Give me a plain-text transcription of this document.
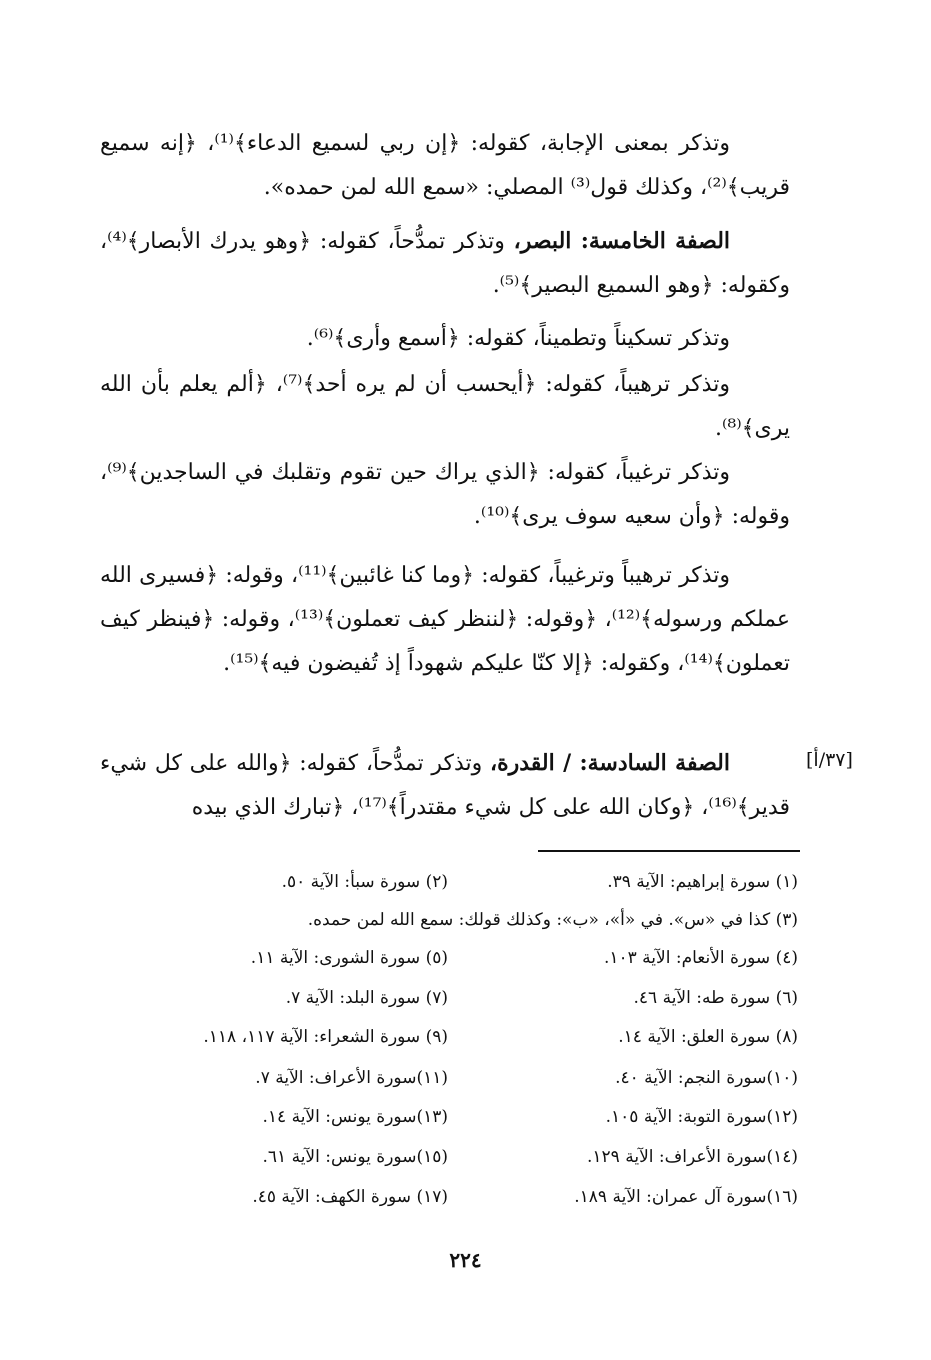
وتذكر بمعنى الإجابة، كقوله: ﴿إن ربي لسميع الدعاء﴾⁽¹⁾، ﴿إنه سميع قريب﴾⁽²⁾، وكذلك قول⁽³⁾ المصلي: «سمع الله لمن حمده».

الصفة الخامسة: البصر، وتذكر تمدُّحاً، كقوله: ﴿وهو يدرك الأبصار﴾⁽⁴⁾، وكقوله: ﴿وهو السميع البصير﴾⁽⁵⁾.

وتذكر تسكيناً وتطميناً، كقوله: ﴿أسمع وأرى﴾⁽⁶⁾.

وتذكر ترهيباً، كقوله: ﴿أيحسب أن لم يره أحد﴾⁽⁷⁾، ﴿ألم يعلم بأن الله يرى﴾⁽⁸⁾.

وتذكر ترغيباً، كقوله: ﴿الذي يراك حين تقوم وتقلبك في الساجدين﴾⁽⁹⁾، وقوله: ﴿وأن سعيه سوف يرى﴾⁽¹⁰⁾.

وتذكر ترهيباً وترغيباً، كقوله: ﴿وما كنا غائبين﴾⁽¹¹⁾، وقوله: ﴿فسيرى الله عملكم ورسوله﴾⁽¹²⁾، ﴿وقوله: ﴿لننظر كيف تعملون﴾⁽¹³⁾، وقوله: ﴿فينظر كيف تعملون﴾⁽¹⁴⁾، وكقوله: ﴿إلا كنّا عليكم شهوداً إذ تُفيضون فيه﴾⁽¹⁵⁾.

[٣٧/أ]

الصفة السادسة: / القدرة، وتذكر تمدُّحاً، كقوله: ﴿والله على كل شيء قدير﴾⁽¹⁶⁾، ﴿وكان الله على كل شيء مقتدراً﴾⁽¹⁷⁾، ﴿تبارك الذي بيده

(١) سورة إبراهيم: الآية ٣٩.
(٢) سورة سبأ: الآية ٥٠.
(٣) كذا في «س». في «أ»، «ب»: وكذلك قولك: سمع الله لمن حمده.
(٤) سورة الأنعام: الآية ١٠٣.
(٥) سورة الشورى: الآية ١١.
(٦) سورة طه: الآية ٤٦.
(٧) سورة البلد: الآية ٧.
(٨) سورة العلق: الآية ١٤.
(٩) سورة الشعراء: الآية ١١٧، ١١٨.
(١٠)سورة النجم: الآية ٤٠.
(١١)سورة الأعراف: الآية ٧.
(١٢)سورة التوبة: الآية ١٠٥.
(١٣)سورة يونس: الآية ١٤.
(١٤)سورة الأعراف: الآية ١٢٩.
(١٥)سورة يونس: الآية ٦١.
(١٦)سورة آل عمران: الآية ١٨٩.
(١٧) سورة الكهف: الآية ٤٥.
٢٢٤
